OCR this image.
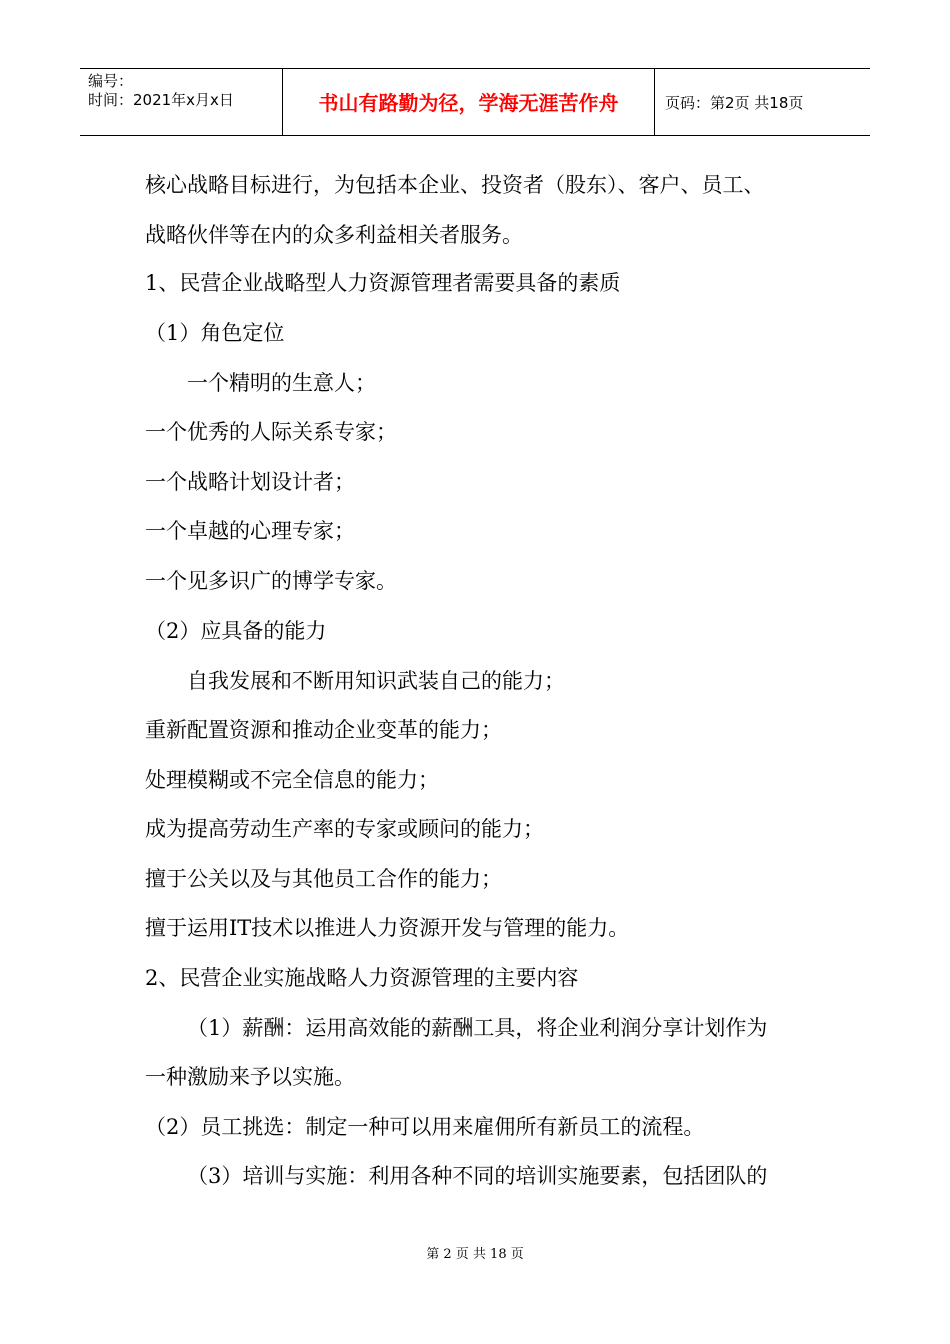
编号：
时间：2021年x月x日	书山有路勤为径，学海无涯苦作舟	页码：第2页 共18页
核心战略目标进行，为包括本企业、投资者（股东）、客户、员工、
战略伙伴等在内的众多利益相关者服务。
1、民营企业战略型人力资源管理者需要具备的素质
（1）角色定位
一个精明的生意人；
一个优秀的人际关系专家；
一个战略计划设计者；
一个卓越的心理专家；
一个见多识广的博学专家。
（2）应具备的能力
自我发展和不断用知识武装自己的能力；
重新配置资源和推动企业变革的能力；
处理模糊或不完全信息的能力；
成为提高劳动生产率的专家或顾问的能力；
擅于公关以及与其他员工合作的能力；
擅于运用IT技术以推进人力资源开发与管理的能力。
2、民营企业实施战略人力资源管理的主要内容
（1）薪酬：运用高效能的薪酬工具，将企业利润分享计划作为
一种激励来予以实施。
（2）员工挑选：制定一种可以用来雇佣所有新员工的流程。
（3）培训与实施：利用各种不同的培训实施要素，包括团队的
第 2 页 共 18 页
